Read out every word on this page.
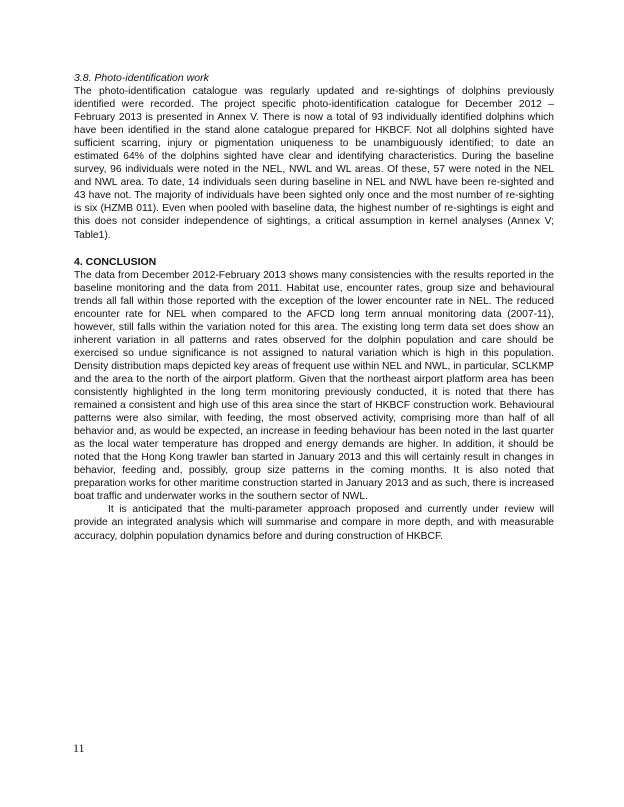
3.8. Photo-identification work

The photo-identification catalogue was regularly updated and re-sightings of dolphins previously identified were recorded. The project specific photo-identification catalogue for December 2012 – February 2013 is presented in Annex V. There is now a total of 93 individually identified dolphins which have been identified in the stand alone catalogue prepared for HKBCF. Not all dolphins sighted have sufficient scarring, injury or pigmentation uniqueness to be unambiguously identified; to date an estimated 64% of the dolphins sighted have clear and identifying characteristics. During the baseline survey, 96 individuals were noted in the NEL, NWL and WL areas. Of these, 57 were noted in the NEL and NWL area. To date, 14 individuals seen during baseline in NEL and NWL have been re-sighted and 43 have not. The majority of individuals have been sighted only once and the most number of re-sighting is six (HZMB 011). Even when pooled with baseline data, the highest number of re-sightings is eight and this does not consider independence of sightings, a critical assumption in kernel analyses (Annex V; Table1).

4. CONCLUSION

The data from December 2012-February 2013 shows many consistencies with the results reported in the baseline monitoring and the data from 2011. Habitat use, encounter rates, group size and behavioural trends all fall within those reported with the exception of the lower encounter rate in NEL. The reduced encounter rate for NEL when compared to the AFCD long term annual monitoring data (2007-11), however, still falls within the variation noted for this area. The existing long term data set does show an inherent variation in all patterns and rates observed for the dolphin population and care should be exercised so undue significance is not assigned to natural variation which is high in this population. Density distribution maps depicted key areas of frequent use within NEL and NWL, in particular, SCLKMP and the area to the north of the airport platform. Given that the northeast airport platform area has been consistently highlighted in the long term monitoring previously conducted, it is noted that there has remained a consistent and high use of this area since the start of HKBCF construction work. Behavioural patterns were also similar, with feeding, the most observed activity, comprising more than half of all behavior and, as would be expected, an increase in feeding behaviour has been noted in the last quarter as the local water temperature has dropped and energy demands are higher. In addition, it should be noted that the Hong Kong trawler ban started in January 2013 and this will certainly result in changes in behavior, feeding and, possibly, group size patterns in the coming months. It is also noted that preparation works for other maritime construction started in January 2013 and as such, there is increased boat traffic and underwater works in the southern sector of NWL.

It is anticipated that the multi-parameter approach proposed and currently under review will provide an integrated analysis which will summarise and compare in more depth, and with measurable accuracy, dolphin population dynamics before and during construction of HKBCF.

11
